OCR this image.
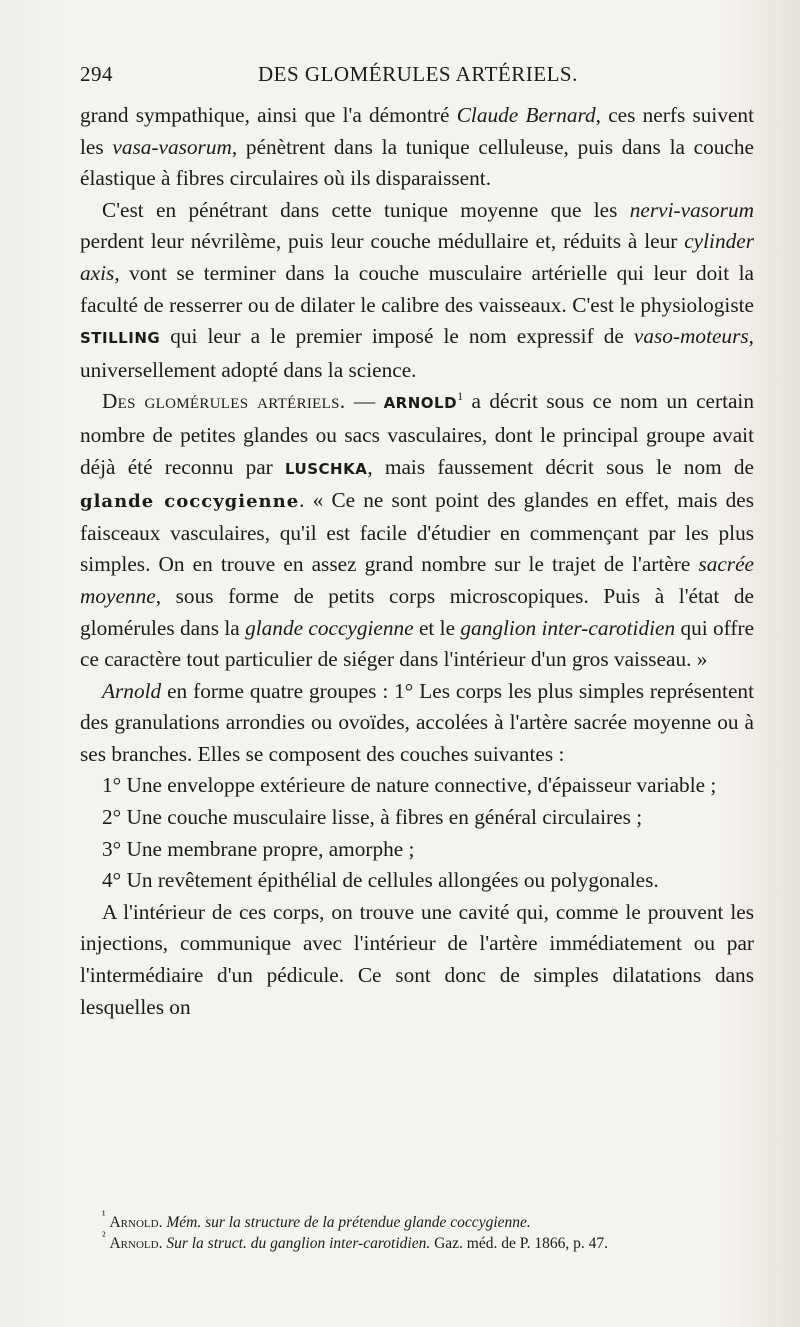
294	DES GLOMÉRULES ARTÉRIELS.

grand sympathique, ainsi que l'a démontré Claude Bernard, ces nerfs suivent les vasa-vasorum, pénètrent dans la tunique celluleuse, puis dans la couche élastique à fibres circulaires où ils disparaissent.

C'est en pénétrant dans cette tunique moyenne que les nervi-vasorum perdent leur névrilème, puis leur couche médullaire et, réduits à leur cylinder axis, vont se terminer dans la couche musculaire artérielle qui leur doit la faculté de resserrer ou de dilater le calibre des vaisseaux. C'est le physiologiste STILLING qui leur a le premier imposé le nom expressif de vaso-moteurs, universellement adopté dans la science.

Des glomérules artériels. — ARNOLD$^1$ a décrit sous ce nom un certain nombre de petites glandes ou sacs vasculaires, dont le principal groupe avait déjà été reconnu par LUSCHKA, mais faussement décrit sous le nom de glande coccygienne. « Ce ne sont point des glandes en effet, mais des faisceaux vasculaires, qu'il est facile d'étudier en commençant par les plus simples. On en trouve en assez grand nombre sur le trajet de l'artère sacrée moyenne, sous forme de petits corps microscopiques. Puis à l'état de glomérules dans la glande coccygienne et le ganglion inter-carotidien qui offre ce caractère tout particulier de siéger dans l'intérieur d'un gros vaisseau. »

Arnold en forme quatre groupes : 1° Les corps les plus simples représentent des granulations arrondies ou ovoïdes, accolées à l'artère sacrée moyenne ou à ses branches. Elles se composent des couches suivantes :

1° Une enveloppe extérieure de nature connective, d'épaisseur variable ;

2° Une couche musculaire lisse, à fibres en général circulaires ;

3° Une membrane propre, amorphe ;

4° Un revêtement épithélial de cellules allongées ou polygonales.

A l'intérieur de ces corps, on trouve une cavité qui, comme le prouvent les injections, communique avec l'intérieur de l'artère immédiatement ou par l'intermédiaire d'un pédicule. Ce sont donc de simples dilatations dans lesquelles on

$^{^1}$ Arnold. Mém. sur la structure de la prétendue glande coccygienne.

$^{^2}$ Arnold. Sur la struct. du ganglion inter-carotidien. Gaz. méd. de P. 1866, p. 47.
